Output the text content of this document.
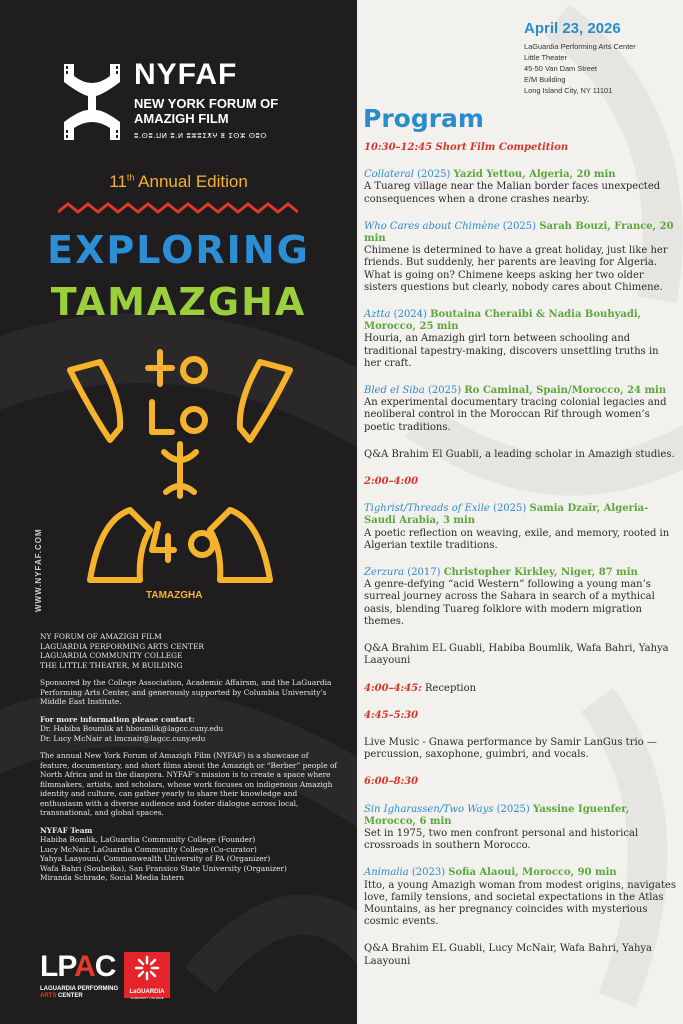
NYFAF
NEW YORK FORUM OF AMAZIGH FILM
ⵓ.ⵙⵓ.ⵡⵍ ⵓ.ⵍ ⵓⵣⵓⵉⵅⵖ ⵟ ⵉⵙⵣ ⵙⵓⵔ
11th Annual Edition
EXPLORING
TAMAZGHA
TAMAZGHA
WWW.NYFAF.COM
NY FORUM OF AMAZIGH FILM
LAGUARDIA PERFORMING ARTS CENTER
LAGUARDIA COMMUNITY COLLEGE
THE LITTLE THEATER, M BUILDING
Sponsored by the College Association, Academic Affairsm, and the LaGuardia Performing Arts Center, and generously supported by Columbia University’s Middle East Institute.
For more information please contact:
Dr. Habiba Boumlik at hboumlik@lagcc.cuny.edu
Dr. Lucy McNair at lmcnair@lagcc.cuny.edu
The annual New York Forum of Amazigh Film (NYFAF) is a showcase of feature, documentary, and short films about the Amazigh or “Berber” people of North Africa and in the diaspora. NYFAF’s mission is to create a space where filmmakers, artists, and scholars, whose work focuses on indigenous Amazigh identity and culture, can gather yearly to share their knowledge and enthusiasm with a diverse audience and foster dialogue across local, transnational, and global spaces.
NYFAF Team
Habiba Bomlik, LaGuardia Community College (Founder)
Lucy McNair, LaGuardia Community College (Co-curator)
Yahya Laayouni, Commonwealth University of PA (Organizer)
Wafa Bahri (Soubeika), San Fransico State University (Organizer)
Miranda Schrade, Social Media Intern
LPAC
LAGUARDIA PERFORMING
ARTS CENTER
LaGUARDIA
COMMUNITY COLLEGE
April 23, 2026
LaGuardia Performing Arts Center
Little Theater
45-50 Van Dam Street
E/M Building
Long Island City, NY 11101
Program
10:30–12:45 Short Film Competition
Collateral (2025) Yazid Yettou, Algeria, 20 min
A Tuareg village near the Malian border faces unexpected consequences when a drone crashes nearby.
Who Cares about Chimène (2025) Sarah Bouzi, France, 20 min
Chimene is determined to have a great holiday, just like her friends. But suddenly, her parents are leaving for Algeria. What is going on? Chimene keeps asking her two older sisters questions but clearly, nobody cares about Chimene.
Aztta (2024) Boutaina Cheraibi & Nadia Bouhyadi, Morocco, 25 min
Houria, an Amazigh girl torn between schooling and traditional tapestry-making, discovers unsettling truths in her craft.
Bled el Siba (2025) Ro Caminal, Spain/Morocco, 24 min
An experimental documentary tracing colonial legacies and neoliberal control in the Moroccan Rif through women’s poetic traditions.
Q&A Brahim El Guabli, a leading scholar in Amazigh studies.
2:00–4:00
Tighrist/Threads of Exile (2025) Samia Dzaïr, Algeria-Saudi Arabia, 3 min
A poetic reflection on weaving, exile, and memory, rooted in Algerian textile traditions.
Zerzura (2017) Christopher Kirkley, Niger, 87 min
A genre-defying “acid Western” following a young man’s surreal journey across the Sahara in search of a mythical oasis, blending Tuareg folklore with modern migration themes.
Q&A Brahim EL Guabli, Habiba Boumlik, Wafa Bahri, Yahya Laayouni
4:00–4:45: Reception
4:45–5:30
Live Music - Gnawa performance by Samir LanGus trio — percussion, saxophone, guimbri, and vocals.
6:00–8:30
Sin Igharassen/Two Ways (2025) Yassine Iguenfer, Morocco, 6 min
Set in 1975, two men confront personal and historical crossroads in southern Morocco.
Animalia (2023) Sofia Alaoui, Morocco, 90 min
Itto, a young Amazigh woman from modest origins, navigates love, family tensions, and societal expectations in the Atlas Mountains, as her pregnancy coincides with mysterious cosmic events.
Q&A Brahim EL Guabli, Lucy McNair, Wafa Bahri, Yahya Laayouni
